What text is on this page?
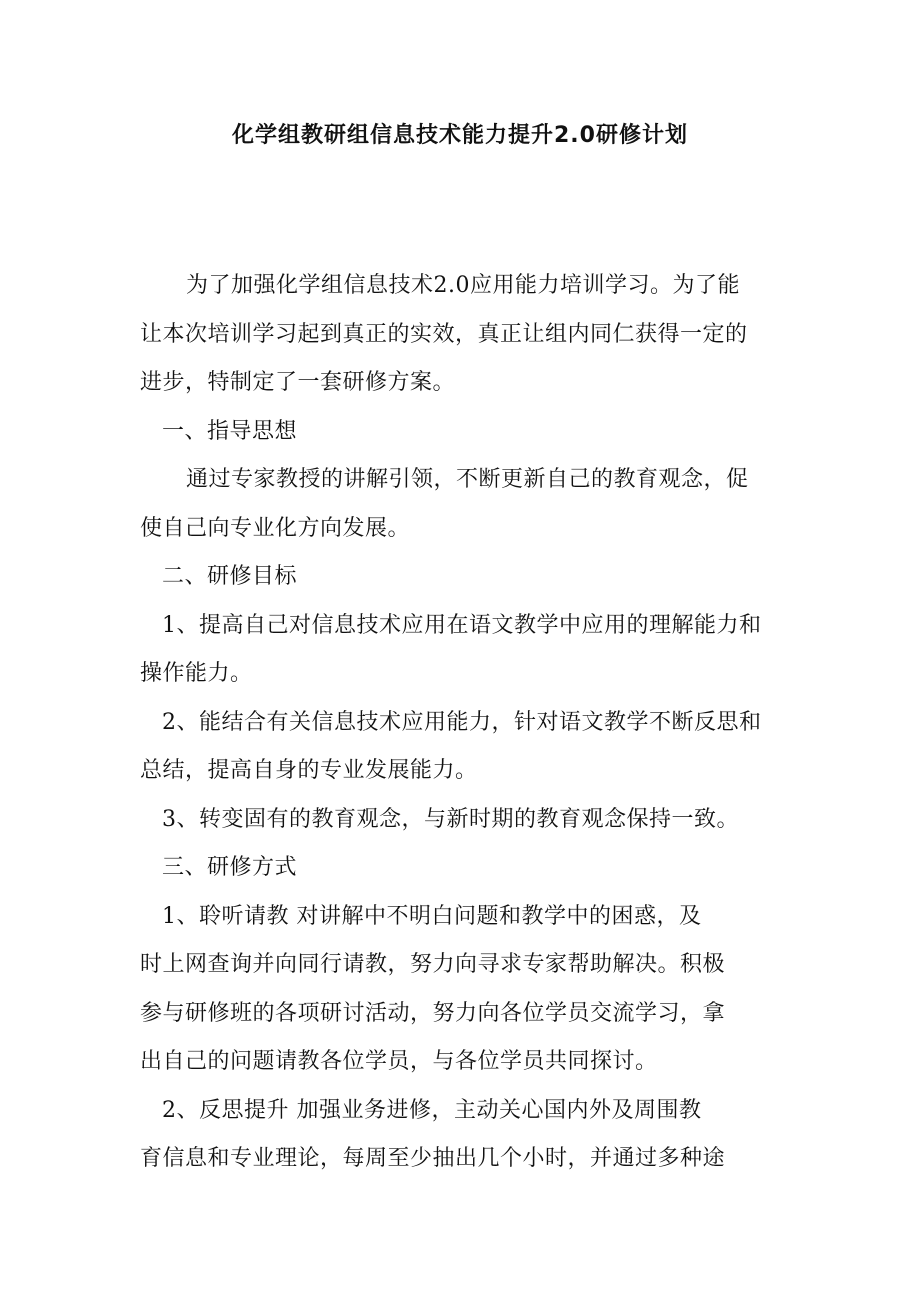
化学组教研组信息技术能力提升2.0研修计划
为了加强化学组信息技术2.0应用能力培训学习。为了能
让本次培训学习起到真正的实效，真正让组内同仁获得一定的
进步，特制定了一套研修方案。
一、指导思想
通过专家教授的讲解引领，不断更新自己的教育观念，促
使自己向专业化方向发展。
二、研修目标
1、提高自己对信息技术应用在语文教学中应用的理解能力和
操作能力。
2、能结合有关信息技术应用能力，针对语文教学不断反思和
总结，提高自身的专业发展能力。
3、转变固有的教育观念，与新时期的教育观念保持一致。
三、研修方式
1、聆听请教 对讲解中不明白问题和教学中的困惑，及
时上网查询并向同行请教，努力向寻求专家帮助解决。积极
参与研修班的各项研讨活动，努力向各位学员交流学习，拿
出自己的问题请教各位学员，与各位学员共同探讨。
2、反思提升 加强业务进修，主动关心国内外及周围教
育信息和专业理论，每周至少抽出几个小时，并通过多种途
